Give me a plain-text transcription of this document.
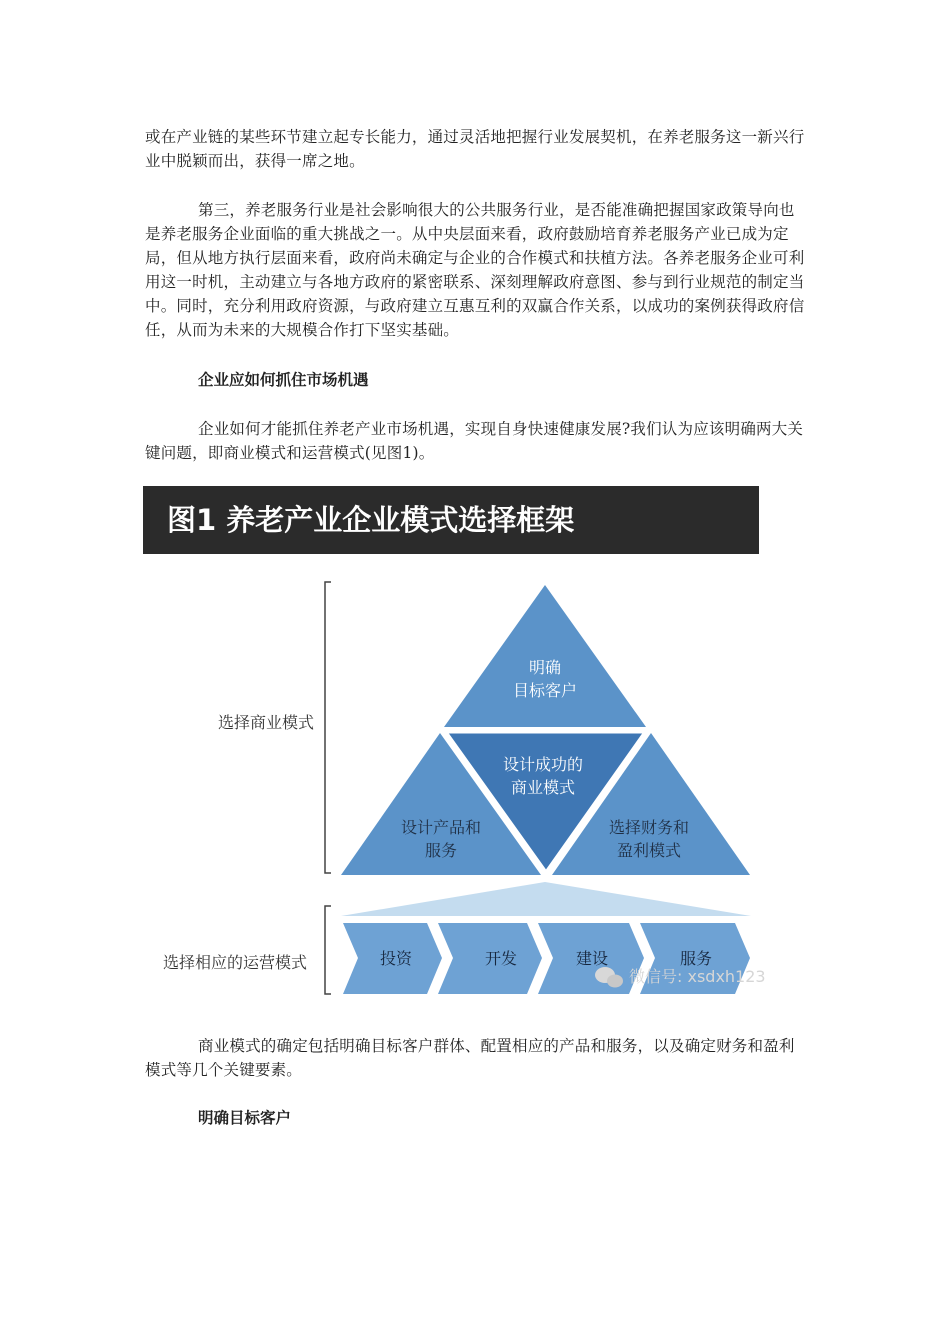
或在产业链的某些环节建立起专长能力，通过灵活地把握行业发展契机，在养老服务这一新兴行业中脱颖而出，获得一席之地。

第三，养老服务行业是社会影响很大的公共服务行业，是否能准确把握国家政策导向也是养老服务企业面临的重大挑战之一。从中央层面来看，政府鼓励培育养老服务产业已成为定局，但从地方执行层面来看，政府尚未确定与企业的合作模式和扶植方法。各养老服务企业可利用这一时机，主动建立与各地方政府的紧密联系、深刻理解政府意图、参与到行业规范的制定当中。同时，充分利用政府资源，与政府建立互惠互利的双赢合作关系，以成功的案例获得政府信任，从而为未来的大规模合作打下坚实基础。

企业应如何抓住市场机遇

企业如何才能抓住养老产业市场机遇，实现自身快速健康发展?我们认为应该明确两大关键问题，即商业模式和运营模式(见图1)。

图1 养老产业企业模式选择框架
选择商业模式
选择相应的运营模式
明确
目标客户
设计成功的
商业模式
设计产品和
服务
选择财务和
盈利模式
投资	开发	建设	服务
微信号: xsdxh123

商业模式的确定包括明确目标客户群体、配置相应的产品和服务，以及确定财务和盈利模式等几个关键要素。

明确目标客户
